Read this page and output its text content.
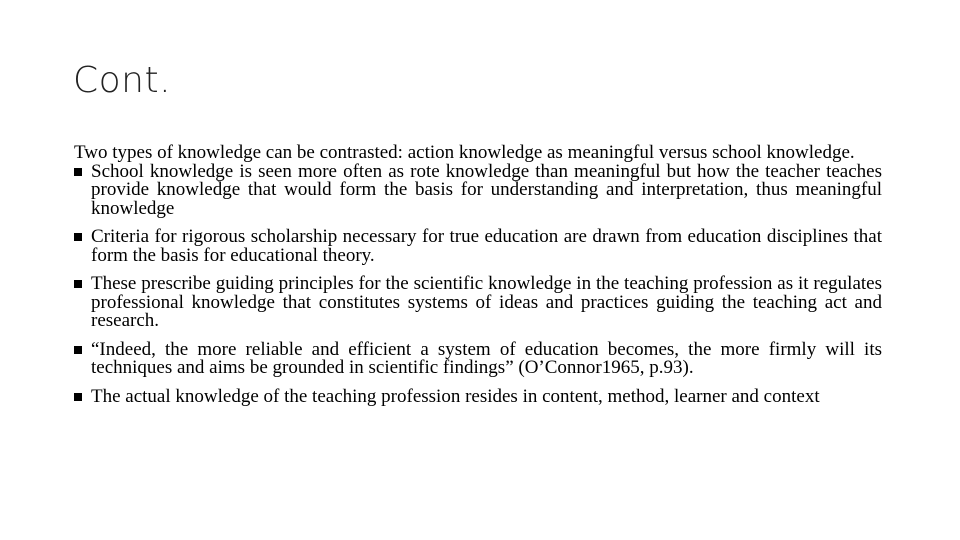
Cont.

Two types of knowledge can be contrasted: action knowledge as meaningful versus school knowledge.

School knowledge is seen more often as rote knowledge than meaningful but how the teacher teaches provide knowledge that would form the basis for understanding and interpretation, thus meaningful knowledge
Criteria for rigorous scholarship necessary for true education are drawn from education disciplines that form the basis for educational theory.
These prescribe guiding principles for the scientific knowledge in the teaching profession as it regulates professional knowledge that constitutes systems of ideas and practices guiding the teaching act and research.
“Indeed, the more reliable and efficient a system of education becomes, the more firmly will its techniques and aims be grounded in scientific findings” (O’Connor1965, p.93).
The actual knowledge of the teaching profession resides in content, method, learner and context
